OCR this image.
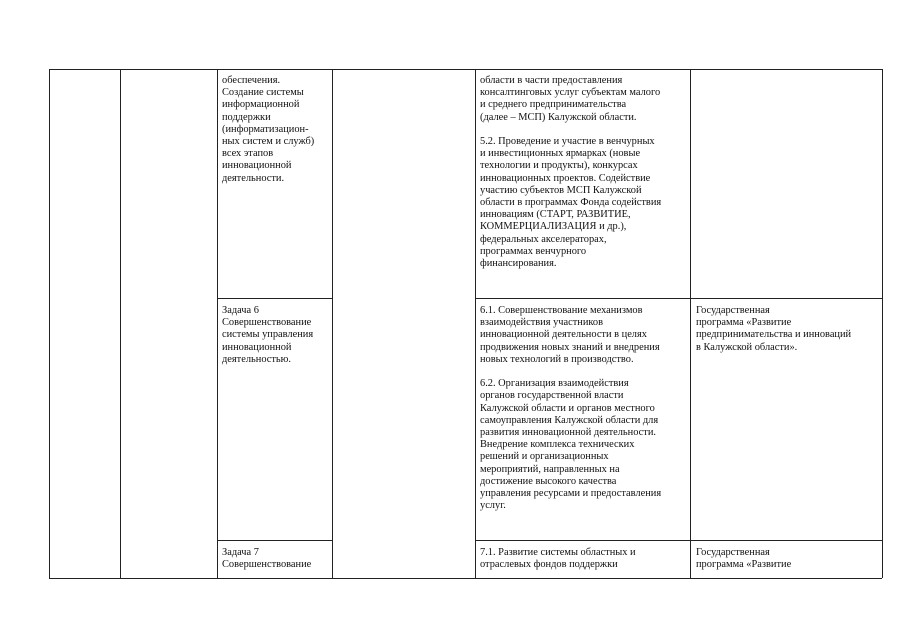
обеспечения.
Создание системы
информационной
поддержки
(информатизацион-
ных систем и служб)
всех этапов
инновационной
деятельности.
области в части предоставления
консалтинговых услуг субъектам малого
и среднего предпринимательства
(далее – МСП) Калужской области.

5.2. Проведение и участие в венчурных
и инвестиционных ярмарках (новые
технологии и продукты), конкурсах
инновационных проектов. Содействие
участию субъектов МСП Калужской
области в программах Фонда содействия
инновациям (СТАРТ, РАЗВИТИЕ,
КОММЕРЦИАЛИЗАЦИЯ и др.),
федеральных акселераторах,
программах венчурного
финансирования.
Задача 6
Совершенствование
системы управления
инновационной
деятельностью.
6.1. Совершенствование механизмов
взаимодействия участников
инновационной деятельности в целях
продвижения новых знаний и внедрения
новых технологий в производство.

6.2. Организация взаимодействия
органов государственной власти
Калужской области и органов местного
самоуправления Калужской области для
развития инновационной деятельности.
Внедрение комплекса технических
решений и организационных
мероприятий, направленных на
достижение высокого качества
управления ресурсами и предоставления
услуг.
Государственная
программа «Развитие
предпринимательства и инноваций
в Калужской области».
Задача 7
Совершенствование
7.1. Развитие системы областных и
отраслевых фондов поддержки
Государственная
программа «Развитие
